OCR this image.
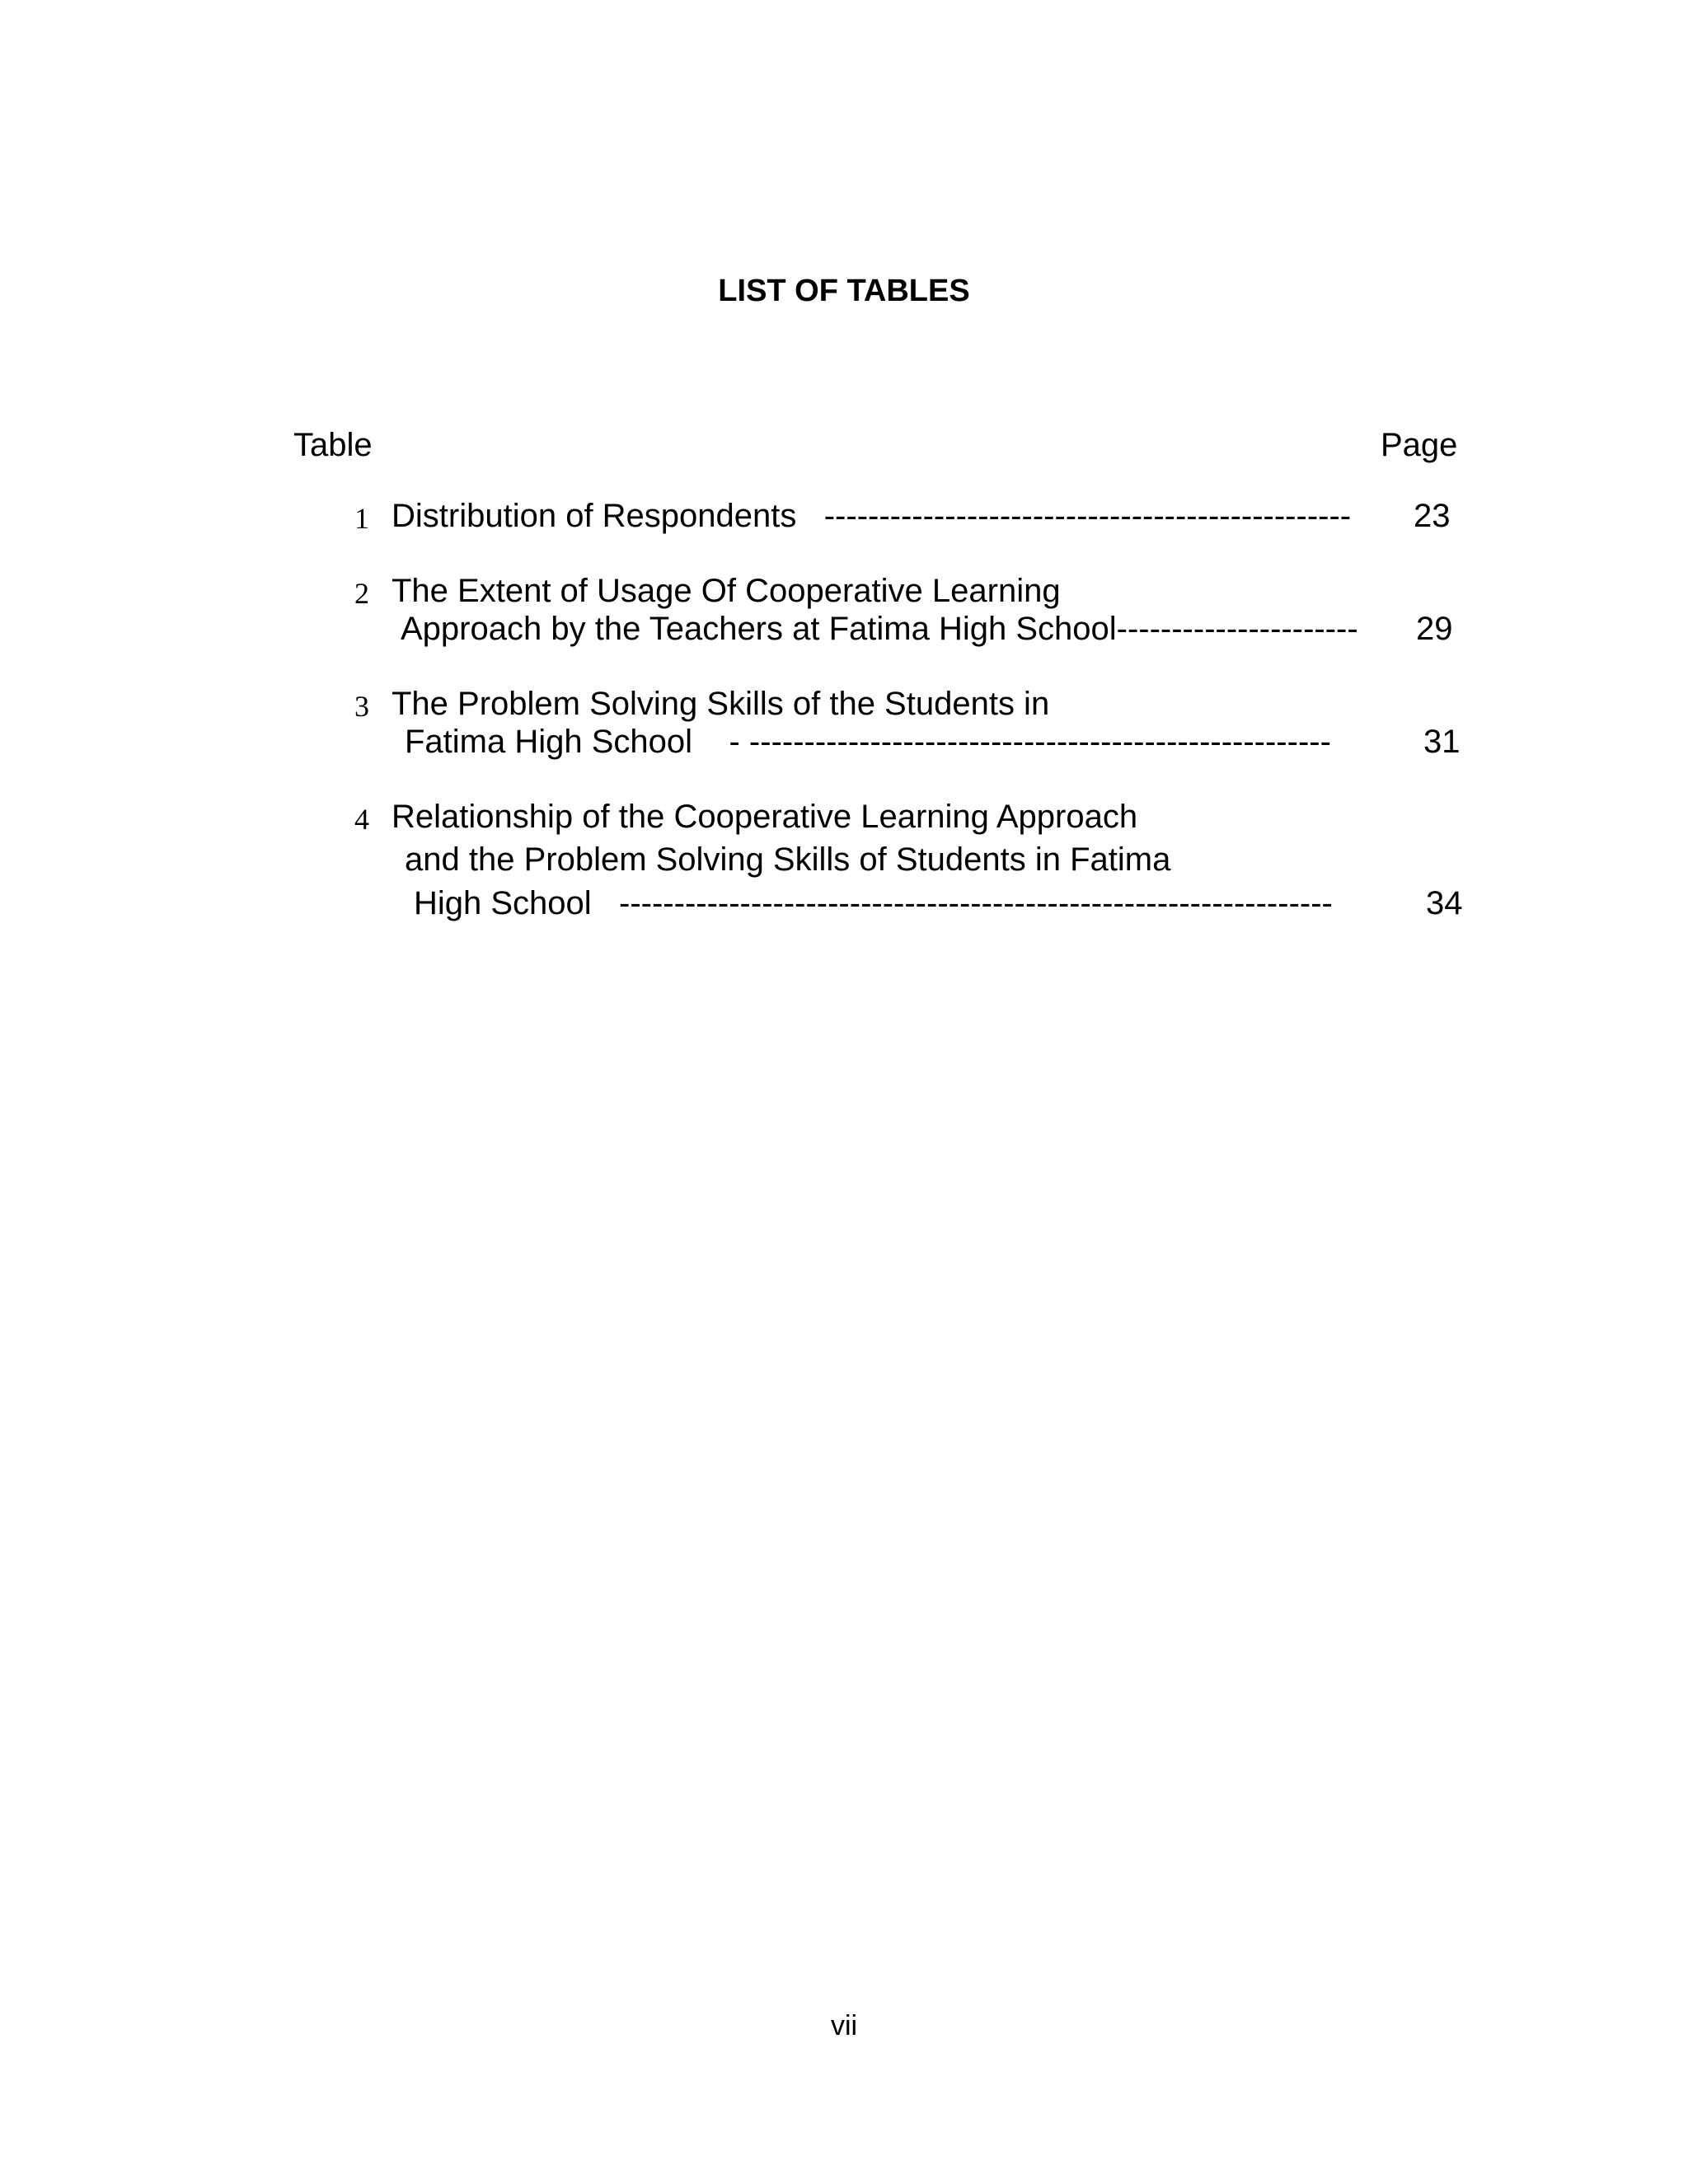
LIST OF TABLES
Table	Page
1 Distribution of Respondents   ------------------------------------------------ 23
2 The Extent of Usage Of Cooperative Learning
Approach by the Teachers at Fatima High School---------------------- 29
3 The Problem Solving Skills of the Students in
Fatima High School    - -----------------------------------------------------	31
4 Relationship of the Cooperative Learning Approach
and the Problem Solving Skills of Students in Fatima
High School   -----------------------------------------------------------------	34
vii
